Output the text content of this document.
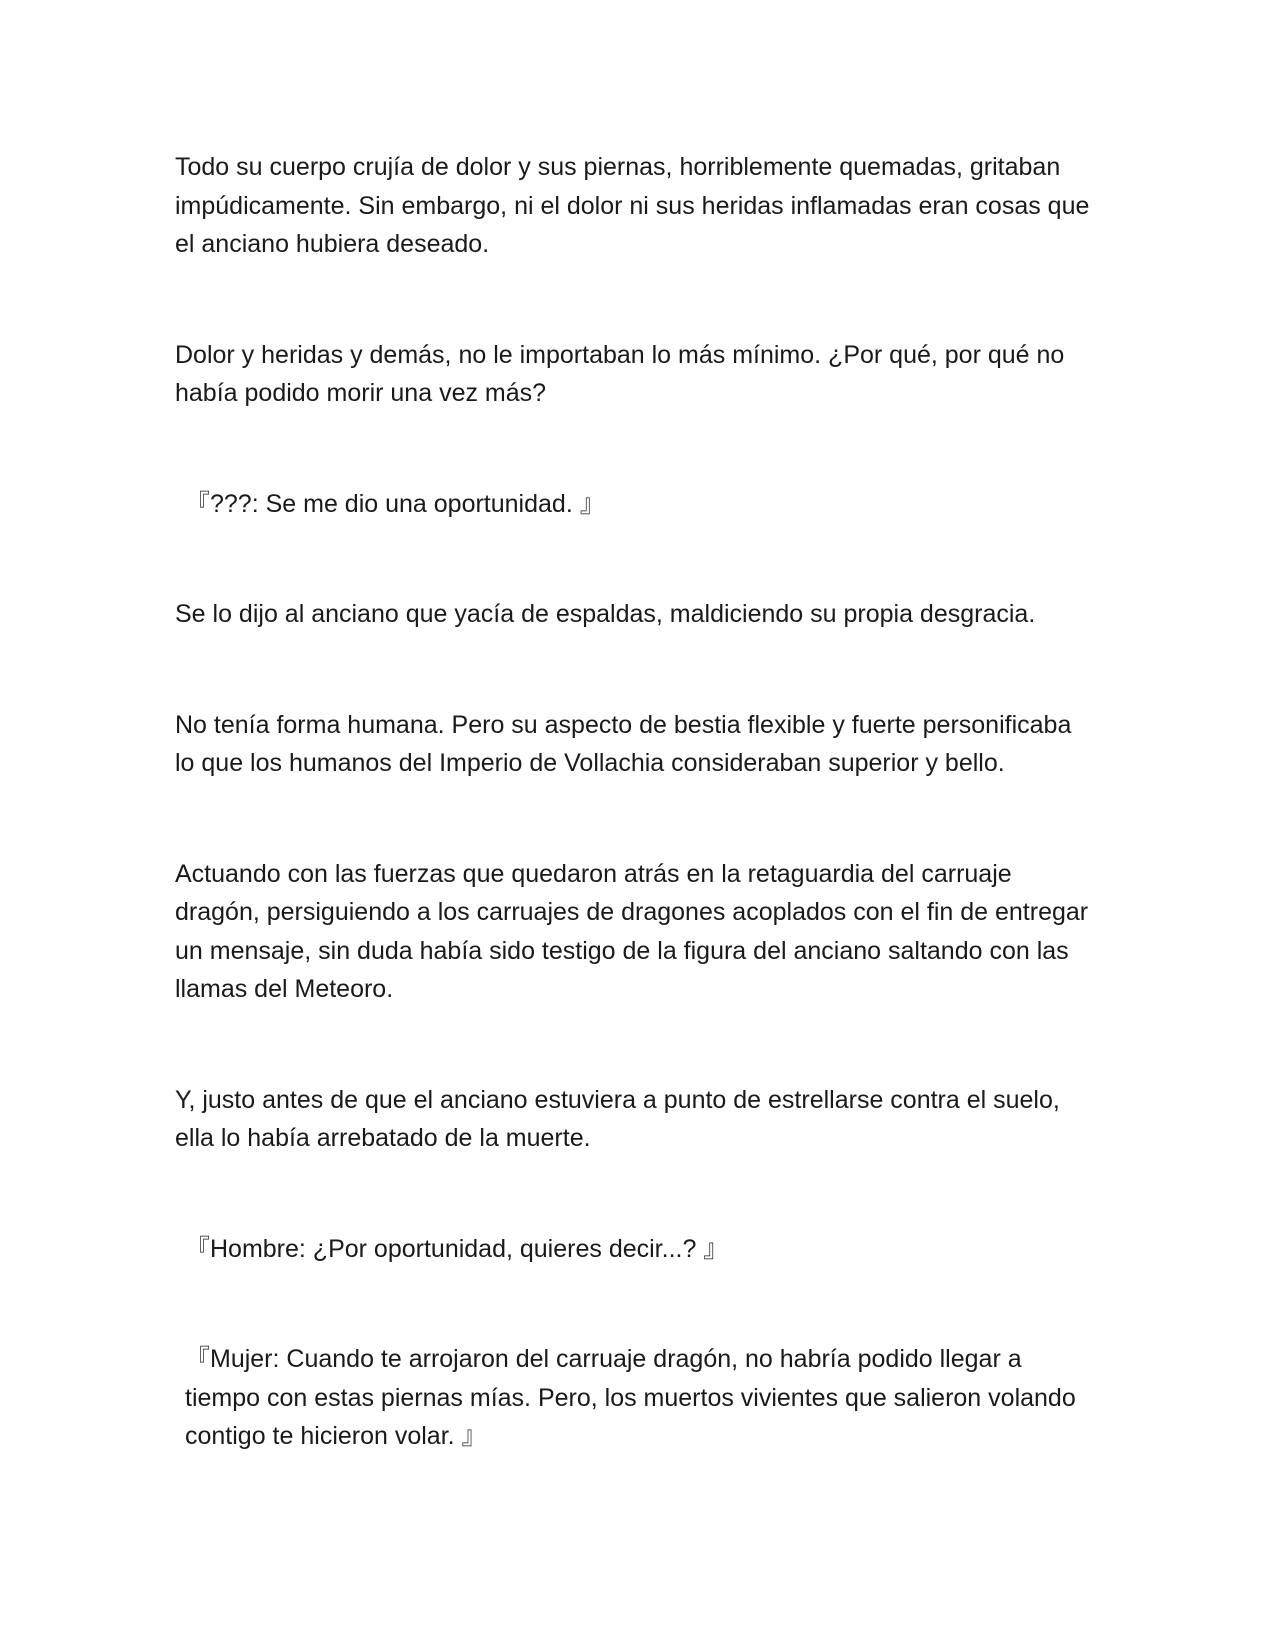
Todo su cuerpo crujía de dolor y sus piernas, horriblemente quemadas, gritaban impúdicamente. Sin embargo, ni el dolor ni sus heridas inflamadas eran cosas que el anciano hubiera deseado.

Dolor y heridas y demás, no le importaban lo más mínimo. ¿Por qué, por qué no había podido morir una vez más?

『???: Se me dio una oportunidad. 』

Se lo dijo al anciano que yacía de espaldas, maldiciendo su propia desgracia.

No tenía forma humana. Pero su aspecto de bestia flexible y fuerte personificaba lo que los humanos del Imperio de Vollachia consideraban superior y bello.

Actuando con las fuerzas que quedaron atrás en la retaguardia del carruaje dragón, persiguiendo a los carruajes de dragones acoplados con el fin de entregar un mensaje, sin duda había sido testigo de la figura del anciano saltando con las llamas del Meteoro.

Y, justo antes de que el anciano estuviera a punto de estrellarse contra el suelo, ella lo había arrebatado de la muerte.

『Hombre: ¿Por oportunidad, quieres decir...? 』

『Mujer: Cuando te arrojaron del carruaje dragón, no habría podido llegar a tiempo con estas piernas mías. Pero, los muertos vivientes que salieron volando contigo te hicieron volar. 』
